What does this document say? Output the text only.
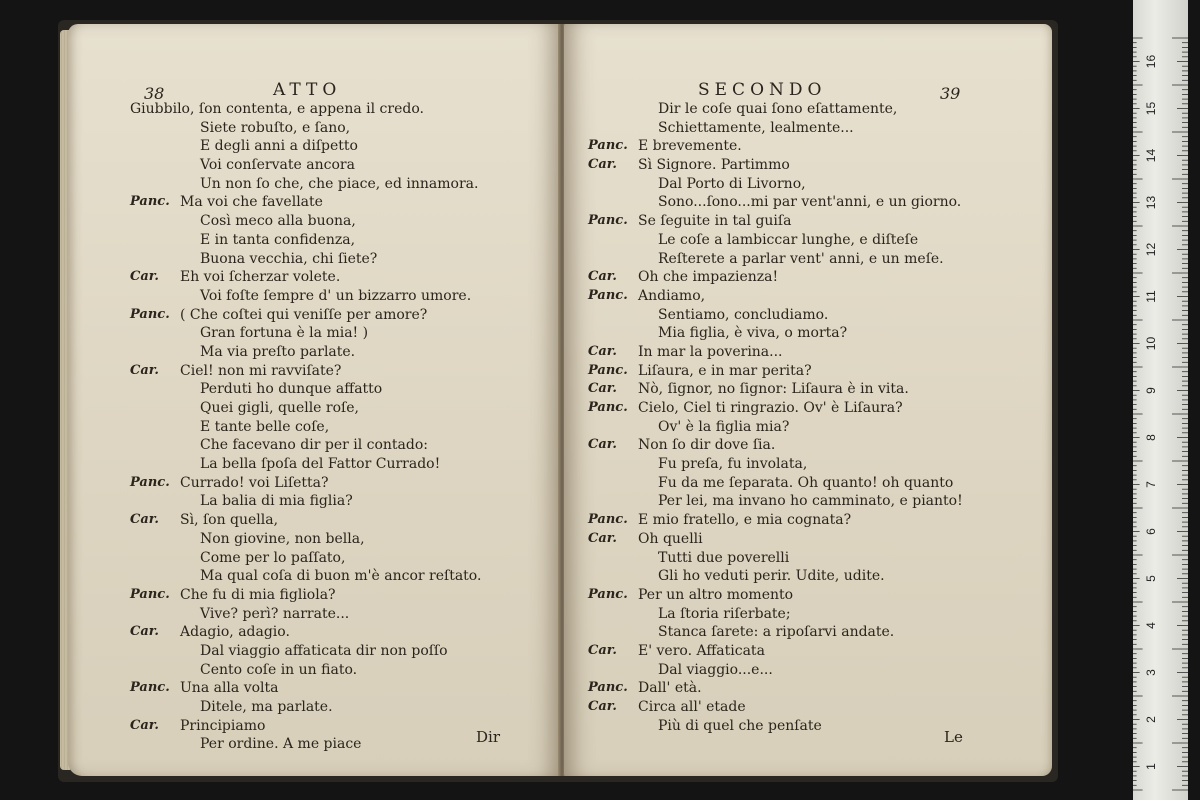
38	ATTO
Giubbilo, ſon contenta, e appena il credo.
Siete robuſto, e ſano,
E degli anni a diſpetto
Voi conſervate ancora
Un non ſo che, che piace, ed innamora.
Panc. Ma voi che favellate
Così meco alla buona,
E in tanta confidenza,
Buona vecchia, chi ſiete?
Car.	Eh voi ſcherzar volete.
Voi foſte ſempre d' un bizzarro umore.
Panc. ( Che coſtei qui veniſſe per amore?
Gran fortuna è la mia! )
Ma via preſto parlate.
Car.	Ciel! non mi ravviſate?
Perduti ho dunque affatto
Quei gigli, quelle roſe,
E tante belle coſe,
Che facevano dir per il contado:
La bella ſpoſa del Fattor Currado!
Panc. Currado! voi Liſetta?
La balia di mia figlia?
Car.	Sì, ſon quella,
Non giovine, non bella,
Come per lo paſſato,
Ma qual coſa di buon m'è ancor reſtato.
Panc. Che fu di mia figliola?
Vive? perì? narrate...
Car.	Adagio, adagio.
Dal viaggio affaticata dir non poſſo
Cento coſe in un fiato.
Panc. Una alla volta
Ditele, ma parlate.
Car.	Principiamo
Per ordine. A me piace	Dir
SECONDO	39
Dir le coſe quai ſono eſattamente,
Schiettamente, lealmente...
Panc. E brevemente.
Car.	Sì Signore. Partimmo
Dal Porto di Livorno,
Sono...ſono...mi par vent'anni, e un giorno.
Panc. Se ſeguite in tal guiſa
Le coſe a lambiccar lunghe, e diſteſe
Reſterete a parlar vent' anni, e un meſe.
Car.	Oh che impazienza!
Panc. Andiamo,
Sentiamo, concludiamo.
Mia figlia, è viva, o morta?
Car.	In mar la poverina...
Panc. Liſaura, e in mar perita?
Car.	Nò, ſignor, no ſignor: Liſaura è in vita.
Panc. Cielo, Ciel ti ringrazio. Ov' è Liſaura?
Ov' è la figlia mia?
Car.	Non ſo dir dove ſia.
Fu preſa, fu involata,
Fu da me ſeparata. Oh quanto! oh quanto
Per lei, ma invano ho camminato, e pianto!
Panc. E mio fratello, e mia cognata?
Car.	Oh quelli
Tutti due poverelli
Gli ho veduti perir. Udite, udite.
Panc. Per un altro momento
La ſtoria riſerbate;
Stanca ſarete: a ripoſarvi andate.
Car.	E' vero. Affaticata
Dal viaggio...e...
Panc. Dall' età.
Car.	Circa all' etade
Più di quel che penſate
Le
1
2
3
4
5
6
7
8
9
10
11
12
13
14
15
16
